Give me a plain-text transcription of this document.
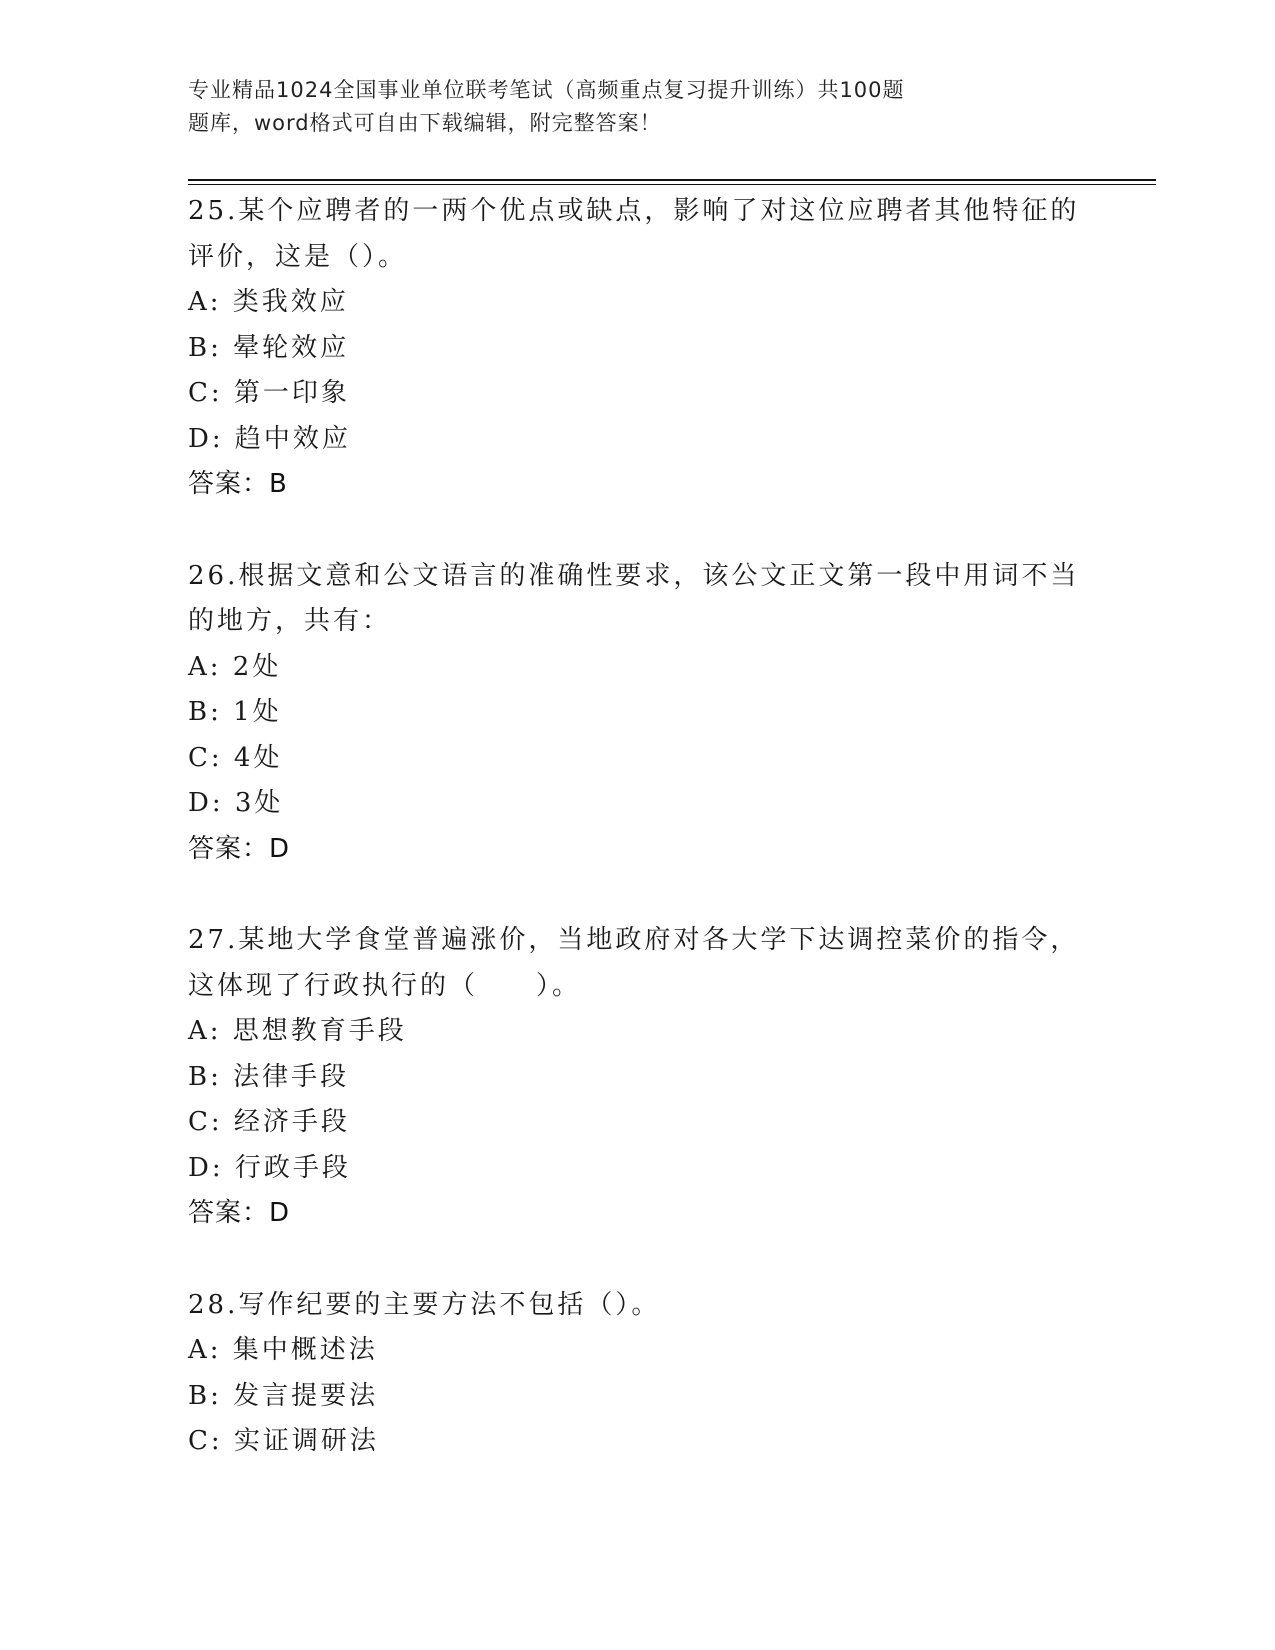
专业精品1024全国事业单位联考笔试（高频重点复习提升训练）共100题
题库，word格式可自由下载编辑，附完整答案！
25.某个应聘者的一两个优点或缺点，影响了对这位应聘者其他特征的
评价，这是（）。
A: 类我效应
B: 晕轮效应
C: 第一印象
D: 趋中效应
答案：B
26.根据文意和公文语言的准确性要求，该公文正文第一段中用词不当
的地方，共有：
A: 2处
B: 1处
C: 4处
D: 3处
答案：D
27.某地大学食堂普遍涨价，当地政府对各大学下达调控菜价的指令，
这体现了行政执行的（　　）。
A: 思想教育手段
B: 法律手段
C: 经济手段
D: 行政手段
答案：D
28.写作纪要的主要方法不包括（）。
A: 集中概述法
B: 发言提要法
C: 实证调研法
